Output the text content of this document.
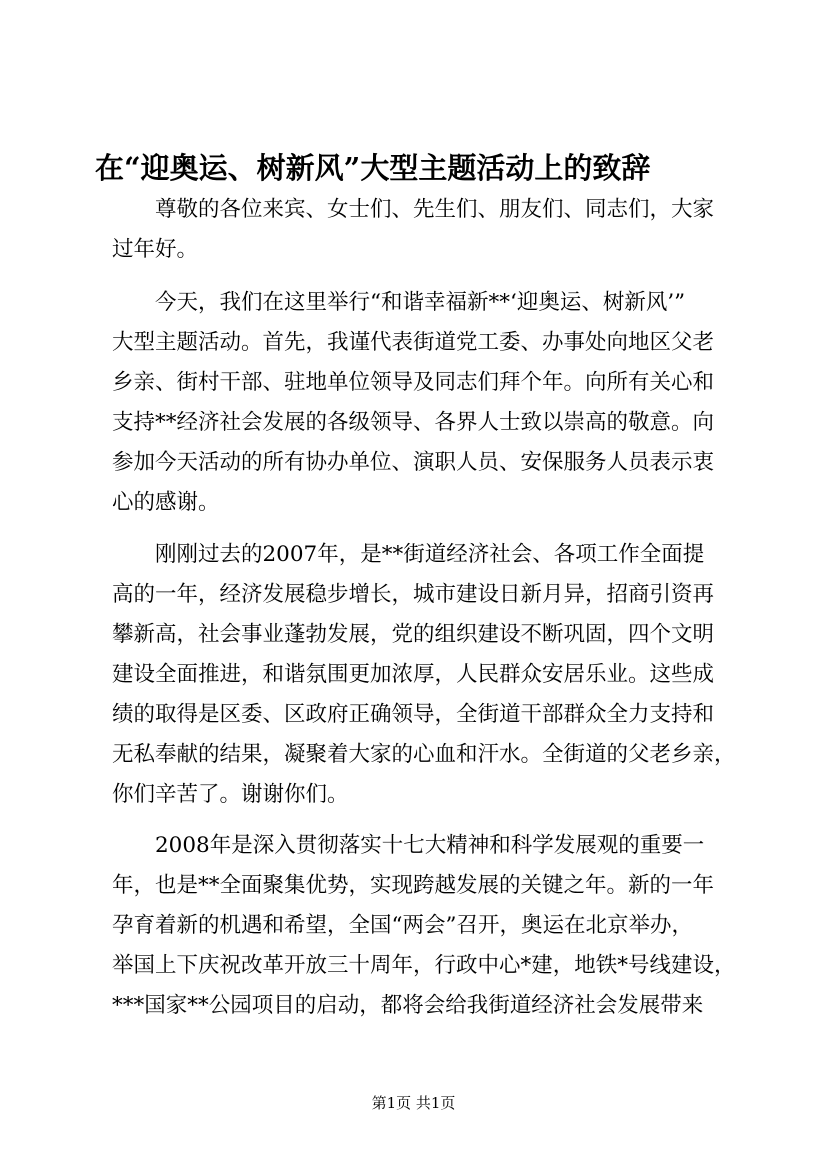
在“迎奥运、树新风”大型主题活动上的致辞
　　尊敬的各位来宾、女士们、先生们、朋友们、同志们，大家
过年好。
　　今天，我们在这里举行“和谐幸福新**‘迎奥运、树新风’”
大型主题活动。首先，我谨代表街道党工委、办事处向地区父老
乡亲、街村干部、驻地单位领导及同志们拜个年。向所有关心和
支持**经济社会发展的各级领导、各界人士致以崇高的敬意。向
参加今天活动的所有协办单位、演职人员、安保服务人员表示衷
心的感谢。
　　刚刚过去的2007年，是**街道经济社会、各项工作全面提
高的一年，经济发展稳步增长，城市建设日新月异，招商引资再
攀新高，社会事业蓬勃发展，党的组织建设不断巩固，四个文明
建设全面推进，和谐氛围更加浓厚，人民群众安居乐业。这些成
绩的取得是区委、区政府正确领导，全街道干部群众全力支持和
无私奉献的结果，凝聚着大家的心血和汗水。全街道的父老乡亲，
你们辛苦了。谢谢你们。
　　2008年是深入贯彻落实十七大精神和科学发展观的重要一
年，也是**全面聚集优势，实现跨越发展的关键之年。新的一年
孕育着新的机遇和希望，全国“两会”召开，奥运在北京举办，
举国上下庆祝改革开放三十周年，行政中心*建，地铁*号线建设，
***国家**公园项目的启动，都将会给我街道经济社会发展带来
第1页 共1页
